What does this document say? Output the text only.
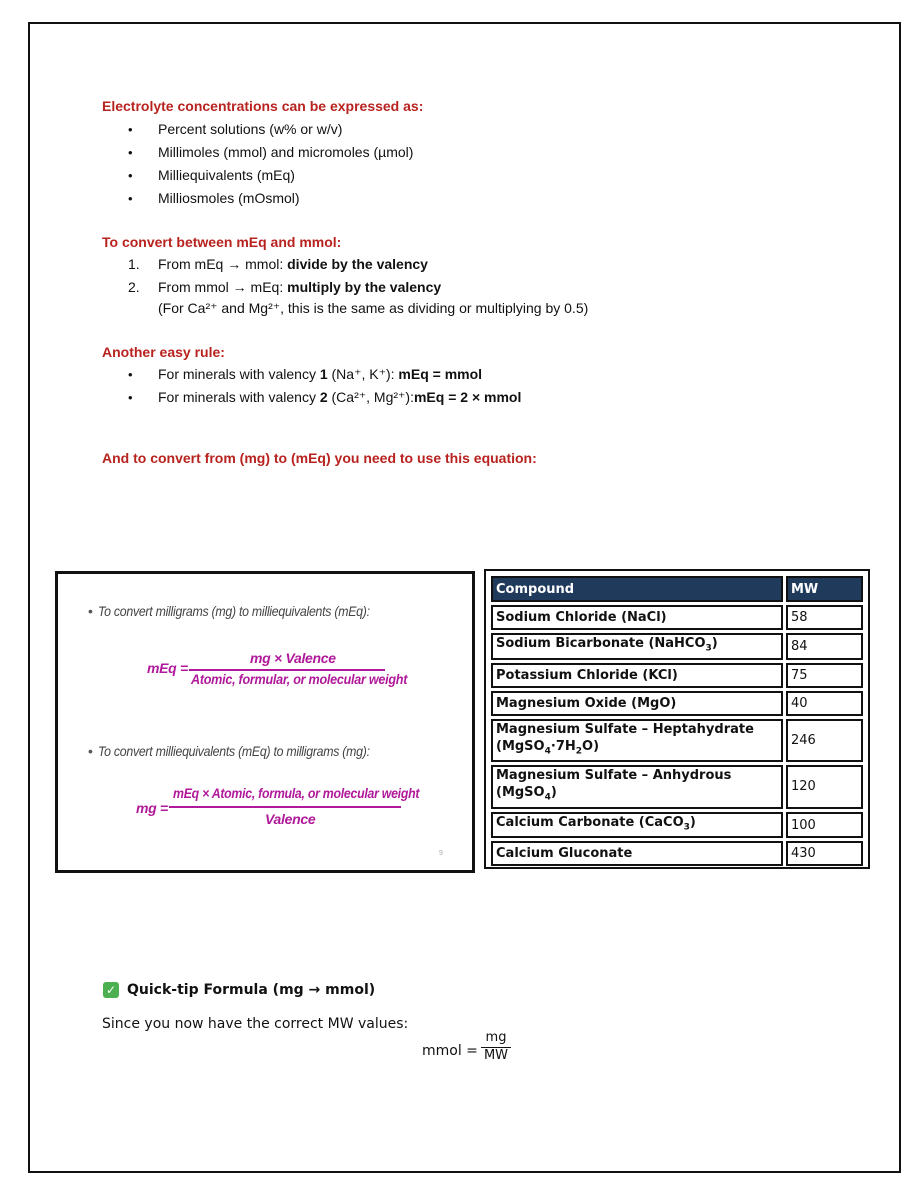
Electrolyte concentrations can be expressed as:
• Percent solutions (w% or w/v)
• Millimoles (mmol) and micromoles (µmol)
• Milliequivalents (mEq)
• Milliosmoles (mOsmol)
To convert between mEq and mmol:
1. From mEq → mmol: divide by the valency
2. From mmol → mEq: multiply by the valency
(For Ca²⁺ and Mg²⁺, this is the same as dividing or multiplying by 0.5)
Another easy rule:
• For minerals with valency 1 (Na⁺, K⁺): mEq = mmol
• For minerals with valency 2 (Ca²⁺, Mg²⁺):mEq = 2 × mmol
And to convert from (mg) to (mEq) you need to use this equation:
• To convert milligrams (mg) to milliequivalents (mEq):
mEq =
mg × Valence
Atomic, formular, or molecular weight
• To convert milliequivalents (mEq) to milligrams (mg):
mg =
mEq × Atomic, formula, or molecular weight
Valence
9
Compound	MW
Sodium Chloride (NaCl)	58
Sodium Bicarbonate (NaHCO$_3$)	84
Potassium Chloride (KCl)	75
Magnesium Oxide (MgO)	40
Magnesium Sulfate – Heptahydrate $(MgSO_4\cdot 7H_2O)$	246
Magnesium Sulfate – Anhydrous (MgSO$_4$)	120
Calcium Carbonate (CaCO$_3$)	100
Calcium Gluconate	430
✓ Quick-tip Formula (mg → mmol)
Since you now have the correct MW values:
mmol = $\frac{mg}{MW}$
